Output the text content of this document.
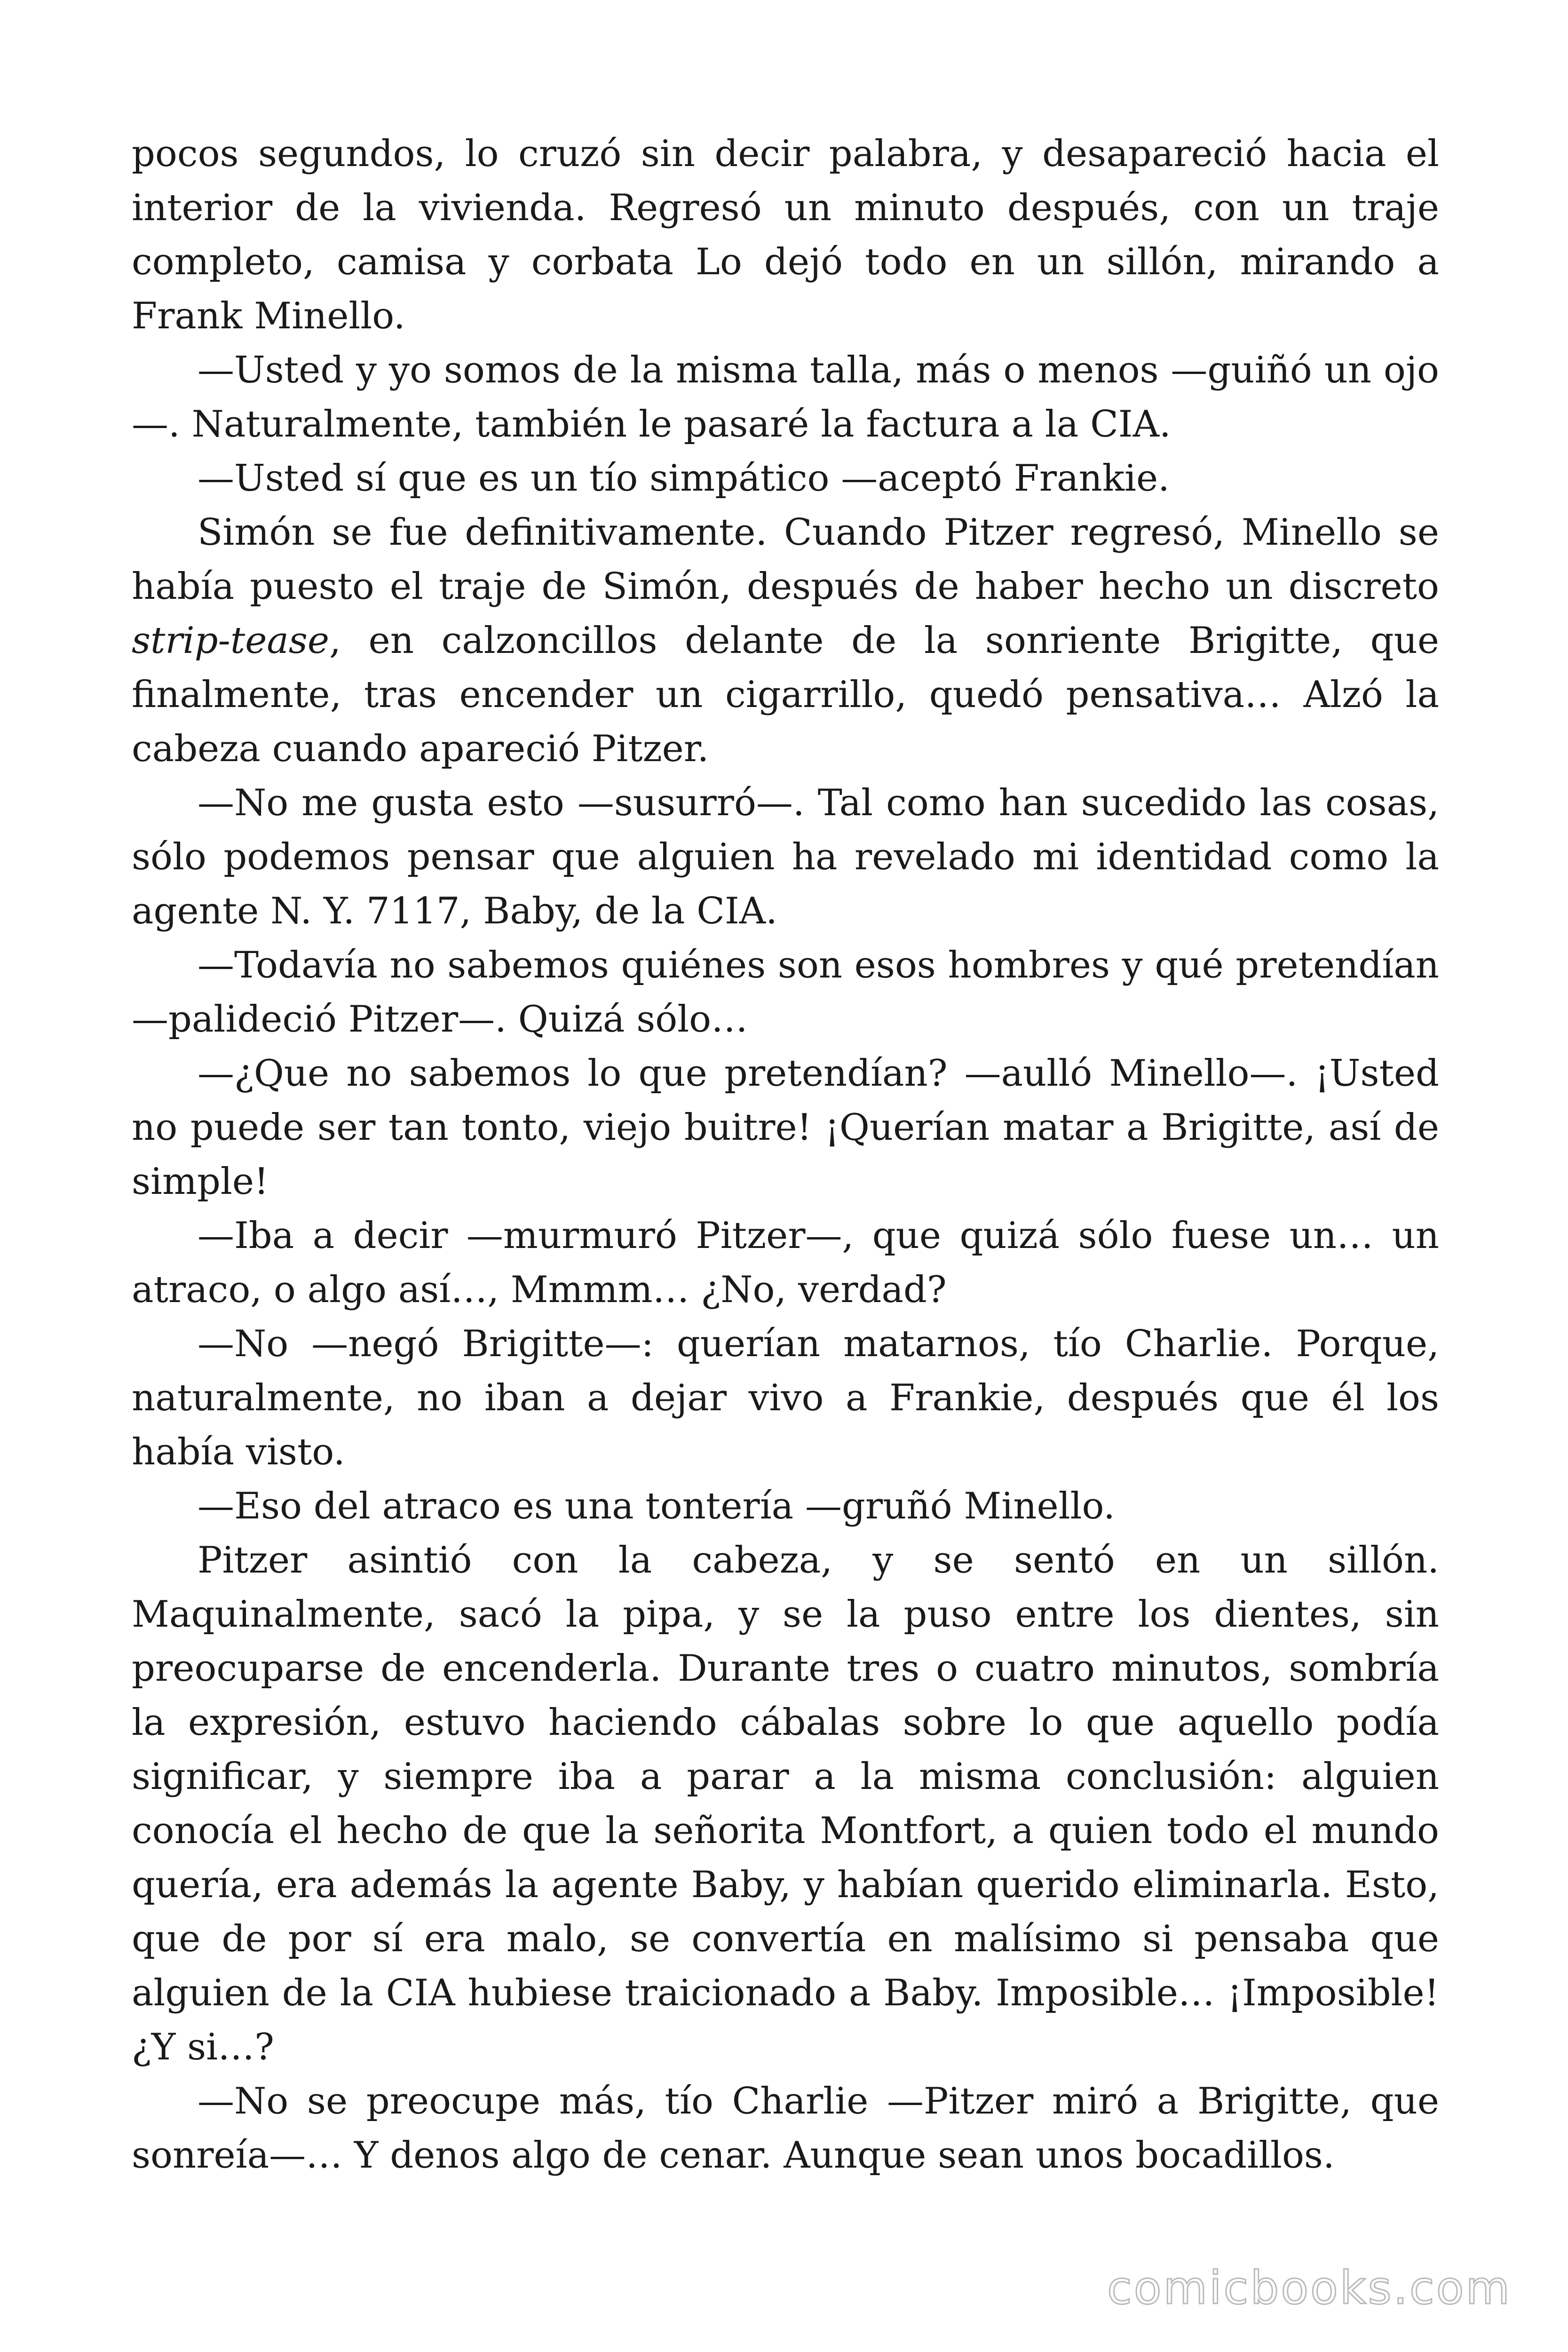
pocos segundos, lo cruzó sin decir palabra, y desapareció hacia el interior de la vivienda. Regresó un minuto después, con un traje completo, camisa y corbata Lo dejó todo en un sillón, mirando a Frank Minello.

—Usted y yo somos de la misma talla, más o menos —guiñó un ojo—. Naturalmente, también le pasaré la factura a la CIA.

—Usted sí que es un tío simpático —aceptó Frankie.

Simón se fue definitivamente. Cuando Pitzer regresó, Minello se había puesto el traje de Simón, después de haber hecho un discreto strip-tease, en calzoncillos delante de la sonriente Brigitte, que finalmente, tras encender un cigarrillo, quedó pensativa… Alzó la cabeza cuando apareció Pitzer.

—No me gusta esto —susurró—. Tal como han sucedido las cosas, sólo podemos pensar que alguien ha revelado mi identidad como la agente N. Y. 7117, Baby, de la CIA.

—Todavía no sabemos quiénes son esos hombres y qué pretendían —palideció Pitzer—. Quizá sólo…

—¿Que no sabemos lo que pretendían? —aulló Minello—. ¡Usted no puede ser tan tonto, viejo buitre! ¡Querían matar a Brigitte, así de simple!

—Iba a decir —murmuró Pitzer—, que quizá sólo fuese un… un atraco, o algo así…, Mmmm… ¿No, verdad?

—No —negó Brigitte—: querían matarnos, tío Charlie. Porque, naturalmente, no iban a dejar vivo a Frankie, después que él los había visto.

—Eso del atraco es una tontería —gruñó Minello.

Pitzer asintió con la cabeza, y se sentó en un sillón. Maquinalmente, sacó la pipa, y se la puso entre los dientes, sin preocuparse de encenderla. Durante tres o cuatro minutos, sombría la expresión, estuvo haciendo cábalas sobre lo que aquello podía significar, y siempre iba a parar a la misma conclusión: alguien conocía el hecho de que la señorita Montfort, a quien todo el mundo quería, era además la agente Baby, y habían querido eliminarla. Esto, que de por sí era malo, se convertía en malísimo si pensaba que alguien de la CIA hubiese traicionado a Baby. Imposible… ¡Imposible! ¿Y si…?

—No se preocupe más, tío Charlie —Pitzer miró a Brigitte, que sonreía—… Y denos algo de cenar. Aunque sean unos bocadillos.

comicbooks.com
